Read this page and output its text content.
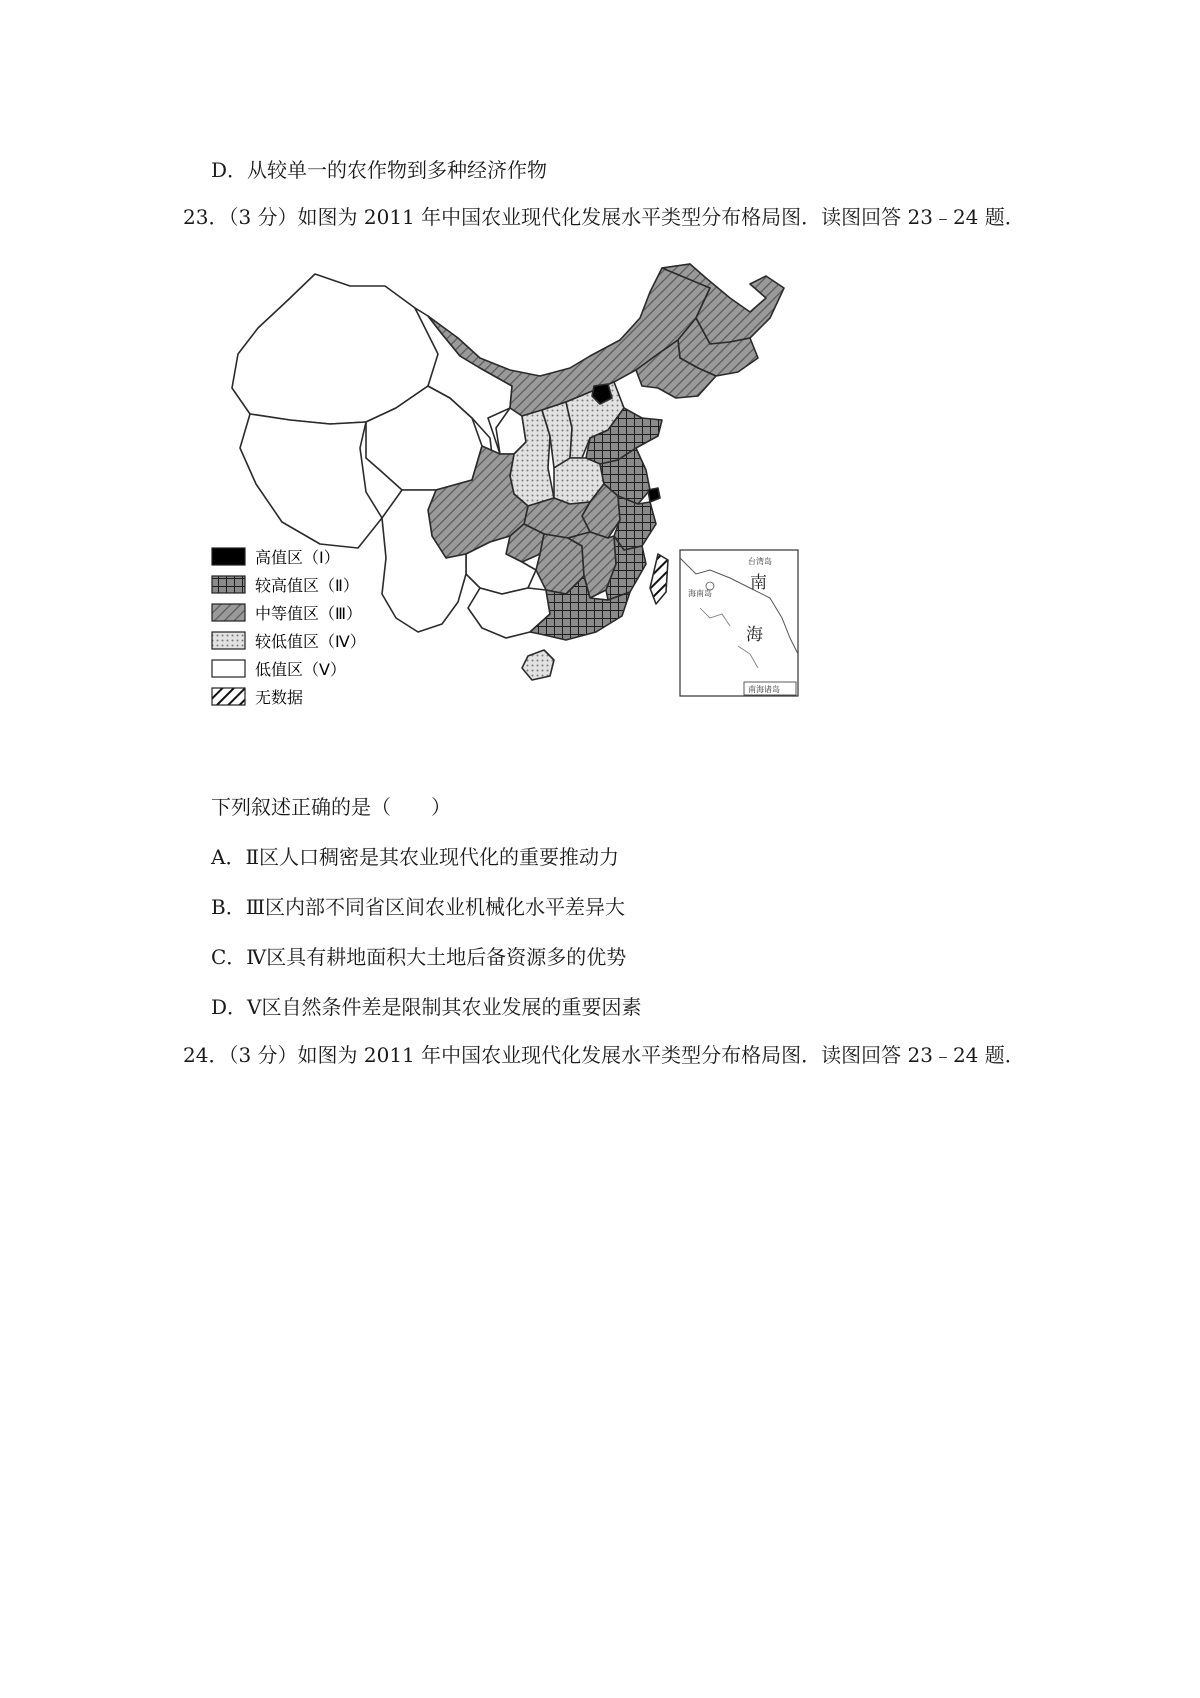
D．从较单一的农作物到多种经济作物
23．（3 分）如图为 2011 年中国农业现代化发展水平类型分布格局图．读图回答 23﹣24 题．
台湾岛
海南岛
南
海
南海诸岛
高值区（Ⅰ）
较高值区（Ⅱ）
中等值区（Ⅲ）
较低值区（Ⅳ）
低值区（Ⅴ）
无数据
下列叙述正确的是（　　）
A．Ⅱ区人口稠密是其农业现代化的重要推动力
B．Ⅲ区内部不同省区间农业机械化水平差异大
C．Ⅳ区具有耕地面积大土地后备资源多的优势
D．Ⅴ区自然条件差是限制其农业发展的重要因素
24．（3 分）如图为 2011 年中国农业现代化发展水平类型分布格局图．读图回答 23﹣24 题．
